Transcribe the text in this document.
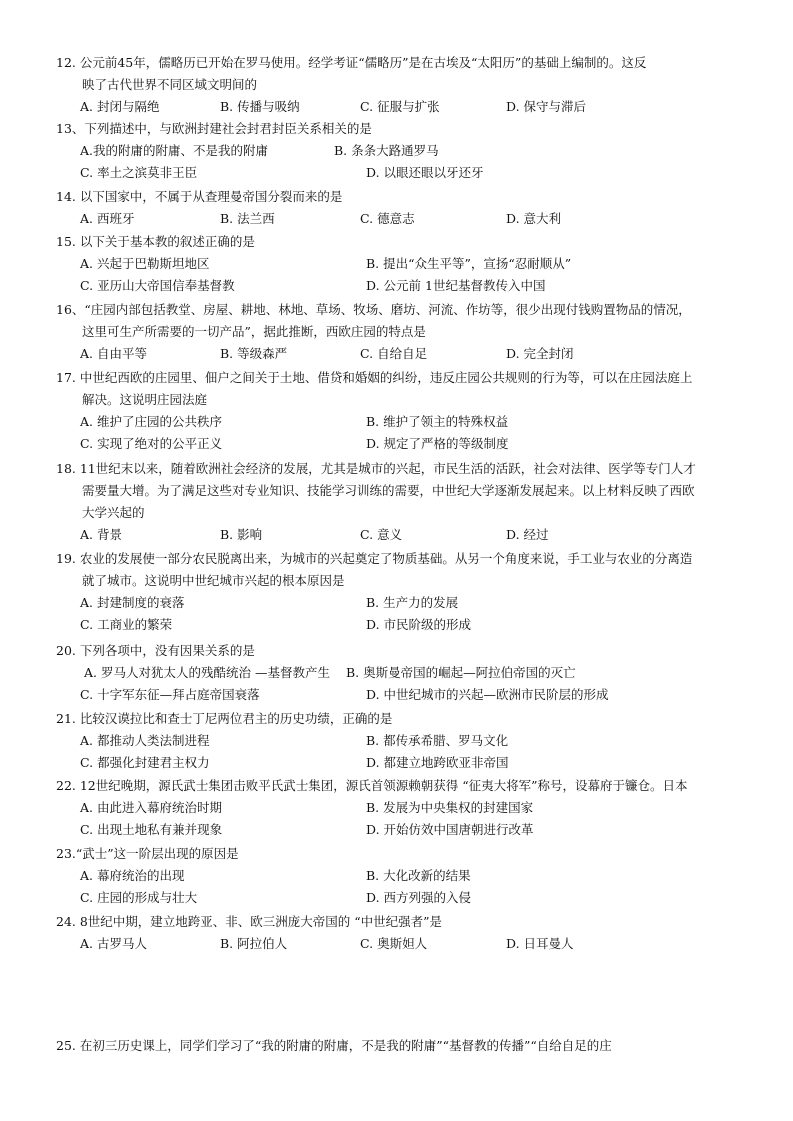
12. 公元前45年，儒略历已开始在罗马使用。经学考证“儒略历”是在古埃及“太阳历”的基础上编制的。这反
映了古代世界不同区域文明间的
A. 封闭与隔绝	B. 传播与吸纳	C. 征服与扩张	D. 保守与滞后
13、下列描述中，与欧洲封建社会封君封臣关系相关的是
A.我的附庸的附庸、不是我的附庸	B. 条条大路通罗马
C. 率土之滨莫非王臣	D. 以眼还眼以牙还牙
14. 以下国家中，不属于从查理曼帝国分裂而来的是
A. 西班牙	B. 法兰西	C. 德意志	D. 意大利
15. 以下关于基本教的叙述正确的是
A. 兴起于巴勒斯坦地区	B. 提出“众生平等”，宣扬“忍耐顺从”
C. 亚历山大帝国信奉基督教	D. 公元前 1世纪基督教传入中国
16、“庄园内部包括教堂、房屋、耕地、林地、草场、牧场、磨坊、河流、作坊等，很少出现付钱购置物品的情况，
这里可生产所需要的一切产品”，据此推断，西欧庄园的特点是
A. 自由平等	B. 等级森严	C. 自给自足	D. 完全封闭
17. 中世纪西欧的庄园里、佃户之间关于土地、借贷和婚姻的纠纷，违反庄园公共规则的行为等，可以在庄园法庭上
解决。这说明庄园法庭
A. 维护了庄园的公共秩序	B. 维护了领主的特殊权益
C. 实现了绝对的公平正义	D. 规定了严格的等级制度
18. 11世纪末以来，随着欧洲社会经济的发展，尤其是城市的兴起，市民生活的活跃，社会对法律、医学等专门人才
需要量大增。为了满足这些对专业知识、技能学习训练的需要，中世纪大学逐渐发展起来。以上材料反映了西欧
大学兴起的
A. 背景	B. 影响	C. 意义	D. 经过
19. 农业的发展使一部分农民脱离出来，为城市的兴起奠定了物质基础。从另一个角度来说，手工业与农业的分离造
就了城市。这说明中世纪城市兴起的根本原因是
A. 封建制度的衰落	B. 生产力的发展
C. 工商业的繁荣	D. 市民阶级的形成
20. 下列各项中，没有因果关系的是
A. 罗马人对犹太人的残酷统治 —基督教产生 B. 奥斯曼帝国的崛起—阿拉伯帝国的灭亡
C. 十字军东征—拜占庭帝国衰落	D. 中世纪城市的兴起—欧洲市民阶层的形成
21. 比较汉谟拉比和查士丁尼两位君主的历史功绩，正确的是
A. 都推动人类法制进程	B. 都传承希腊、罗马文化
C. 都强化封建君主权力	D. 都建立地跨欧亚非帝国
22. 12世纪晚期，源氏武士集团击败平氏武士集团，源氏首领源赖朝获得 “征夷大将军”称号，设幕府于镰仓。日本
A. 由此进入幕府统治时期	B. 发展为中央集权的封建国家
C. 出现土地私有兼并现象	D. 开始仿效中国唐朝进行改革
23.“武士”这一阶层出现的原因是
A. 幕府统治的出现	B. 大化改新的结果
C. 庄园的形成与壮大	D. 西方列强的入侵
24. 8世纪中期，建立地跨亚、非、欧三洲庞大帝国的 “中世纪强者”是
A. 古罗马人	B. 阿拉伯人	C. 奥斯妲人	D. 日耳曼人
25. 在初三历史课上，同学们学习了“我的附庸的附庸，不是我的附庸”“基督教的传播”“自给自足的庄
